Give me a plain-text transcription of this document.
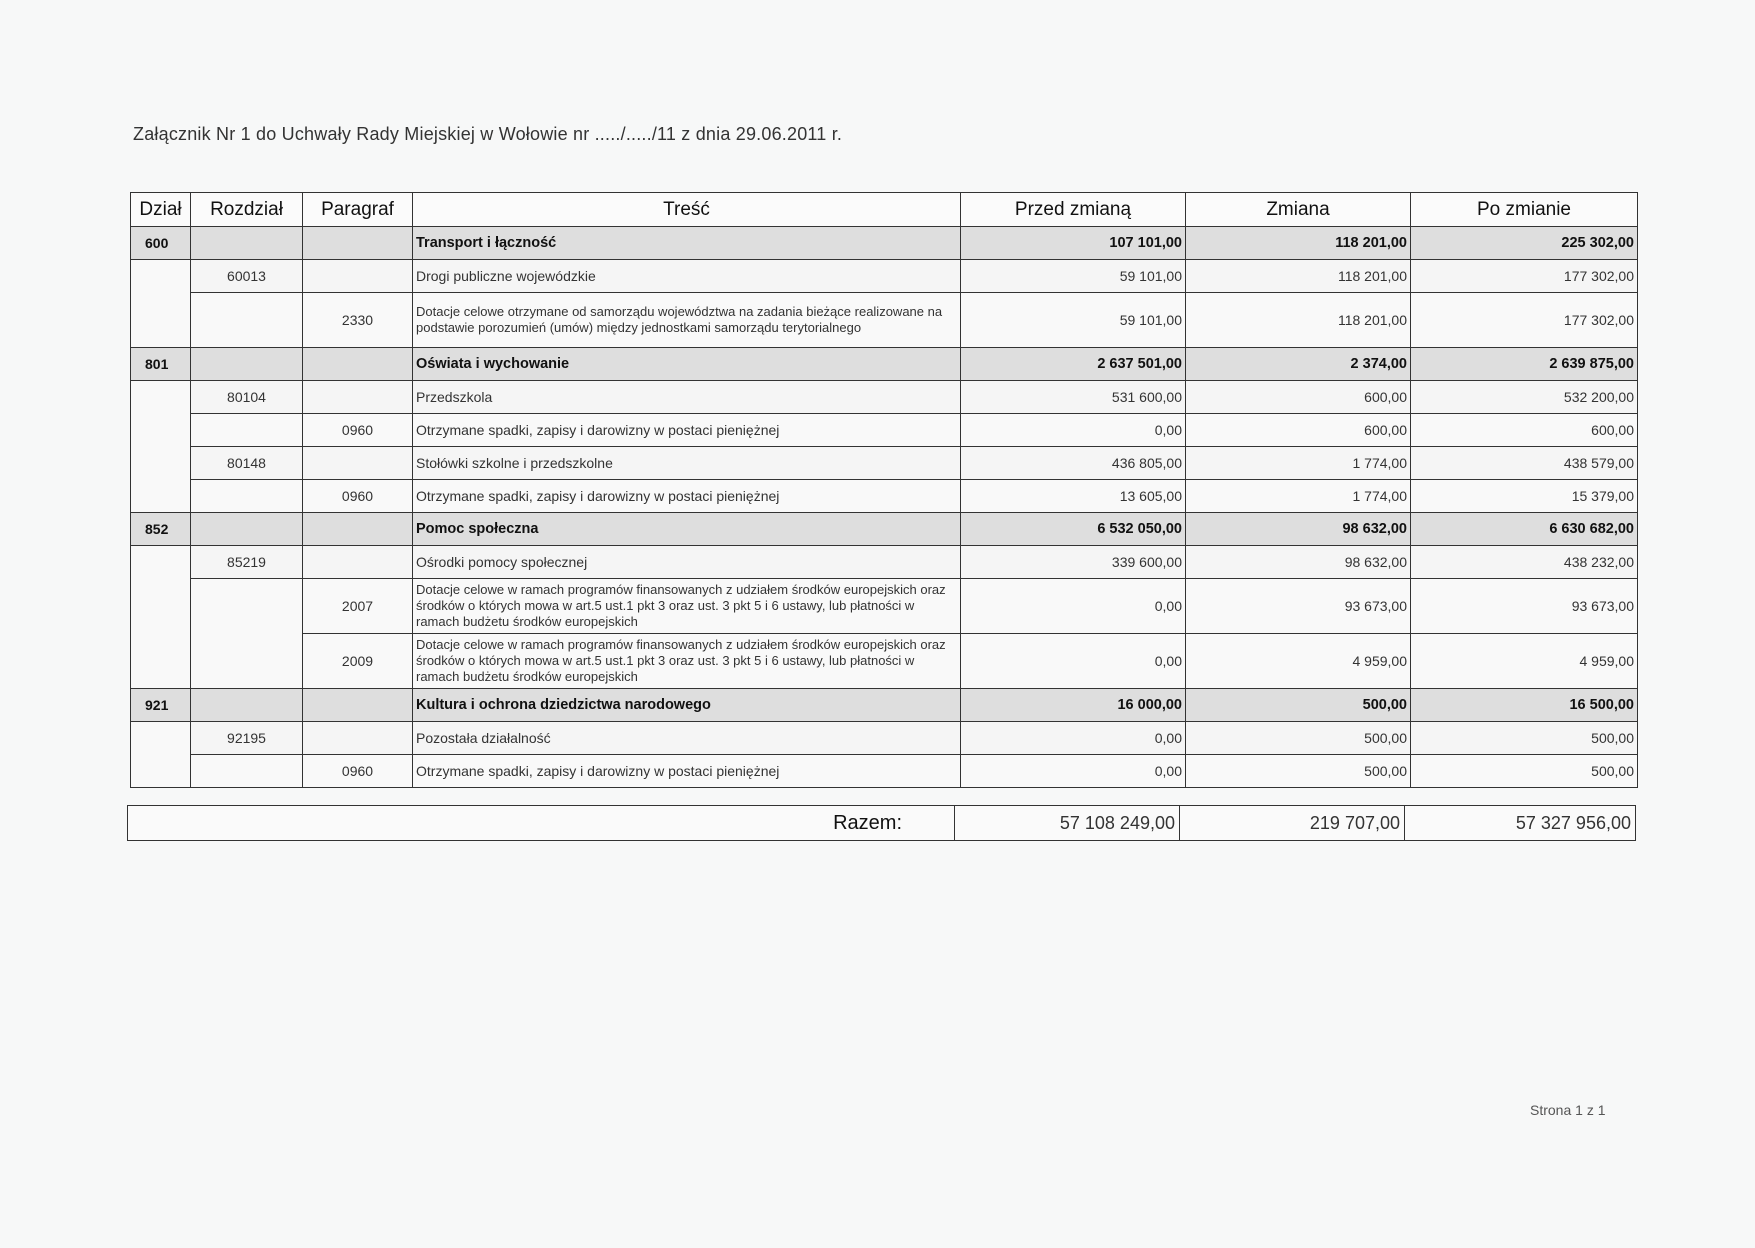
Załącznik Nr 1 do Uchwały Rady Miejskiej w Wołowie nr ...../...../11 z dnia 29.06.2011 r.
Dział	Rozdział	Paragraf	Treść	Przed zmianą	Zmiana	Po zmianie
600			Transport i łączność	107 101,00	118 201,00	225 302,00
	60013		Drogi publiczne wojewódzkie	59 101,00	118 201,00	177 302,00
		2330	Dotacje celowe otrzymane od samorządu województwa na zadania bieżące realizowane na podstawie porozumień (umów) między jednostkami samorządu terytorialnego	59 101,00	118 201,00	177 302,00
801			Oświata i wychowanie	2 637 501,00	2 374,00	2 639 875,00
	80104		Przedszkola	531 600,00	600,00	532 200,00
		0960	Otrzymane spadki, zapisy i darowizny w postaci pieniężnej	0,00	600,00	600,00
	80148		Stołówki szkolne i przedszkolne	436 805,00	1 774,00	438 579,00
		0960	Otrzymane spadki, zapisy i darowizny w postaci pieniężnej	13 605,00	1 774,00	15 379,00
852			Pomoc społeczna	6 532 050,00	98 632,00	6 630 682,00
	85219		Ośrodki pomocy społecznej	339 600,00	98 632,00	438 232,00
		2007	Dotacje celowe w ramach programów finansowanych z udziałem środków europejskich oraz środków o których mowa w art.5 ust.1 pkt 3 oraz ust. 3 pkt 5 i 6 ustawy, lub płatności w ramach budżetu środków europejskich	0,00	93 673,00	93 673,00
		2009	Dotacje celowe w ramach programów finansowanych z udziałem środków europejskich oraz środków o których mowa w art.5 ust.1 pkt 3 oraz ust. 3 pkt 5 i 6 ustawy, lub płatności w ramach budżetu środków europejskich	0,00	4 959,00	4 959,00
921			Kultura i ochrona dziedzictwa narodowego	16 000,00	500,00	16 500,00
	92195		Pozostała działalność	0,00	500,00	500,00
		0960	Otrzymane spadki, zapisy i darowizny w postaci pieniężnej	0,00	500,00	500,00
Razem:	57 108 249,00	219 707,00	57 327 956,00
Strona 1 z 1
